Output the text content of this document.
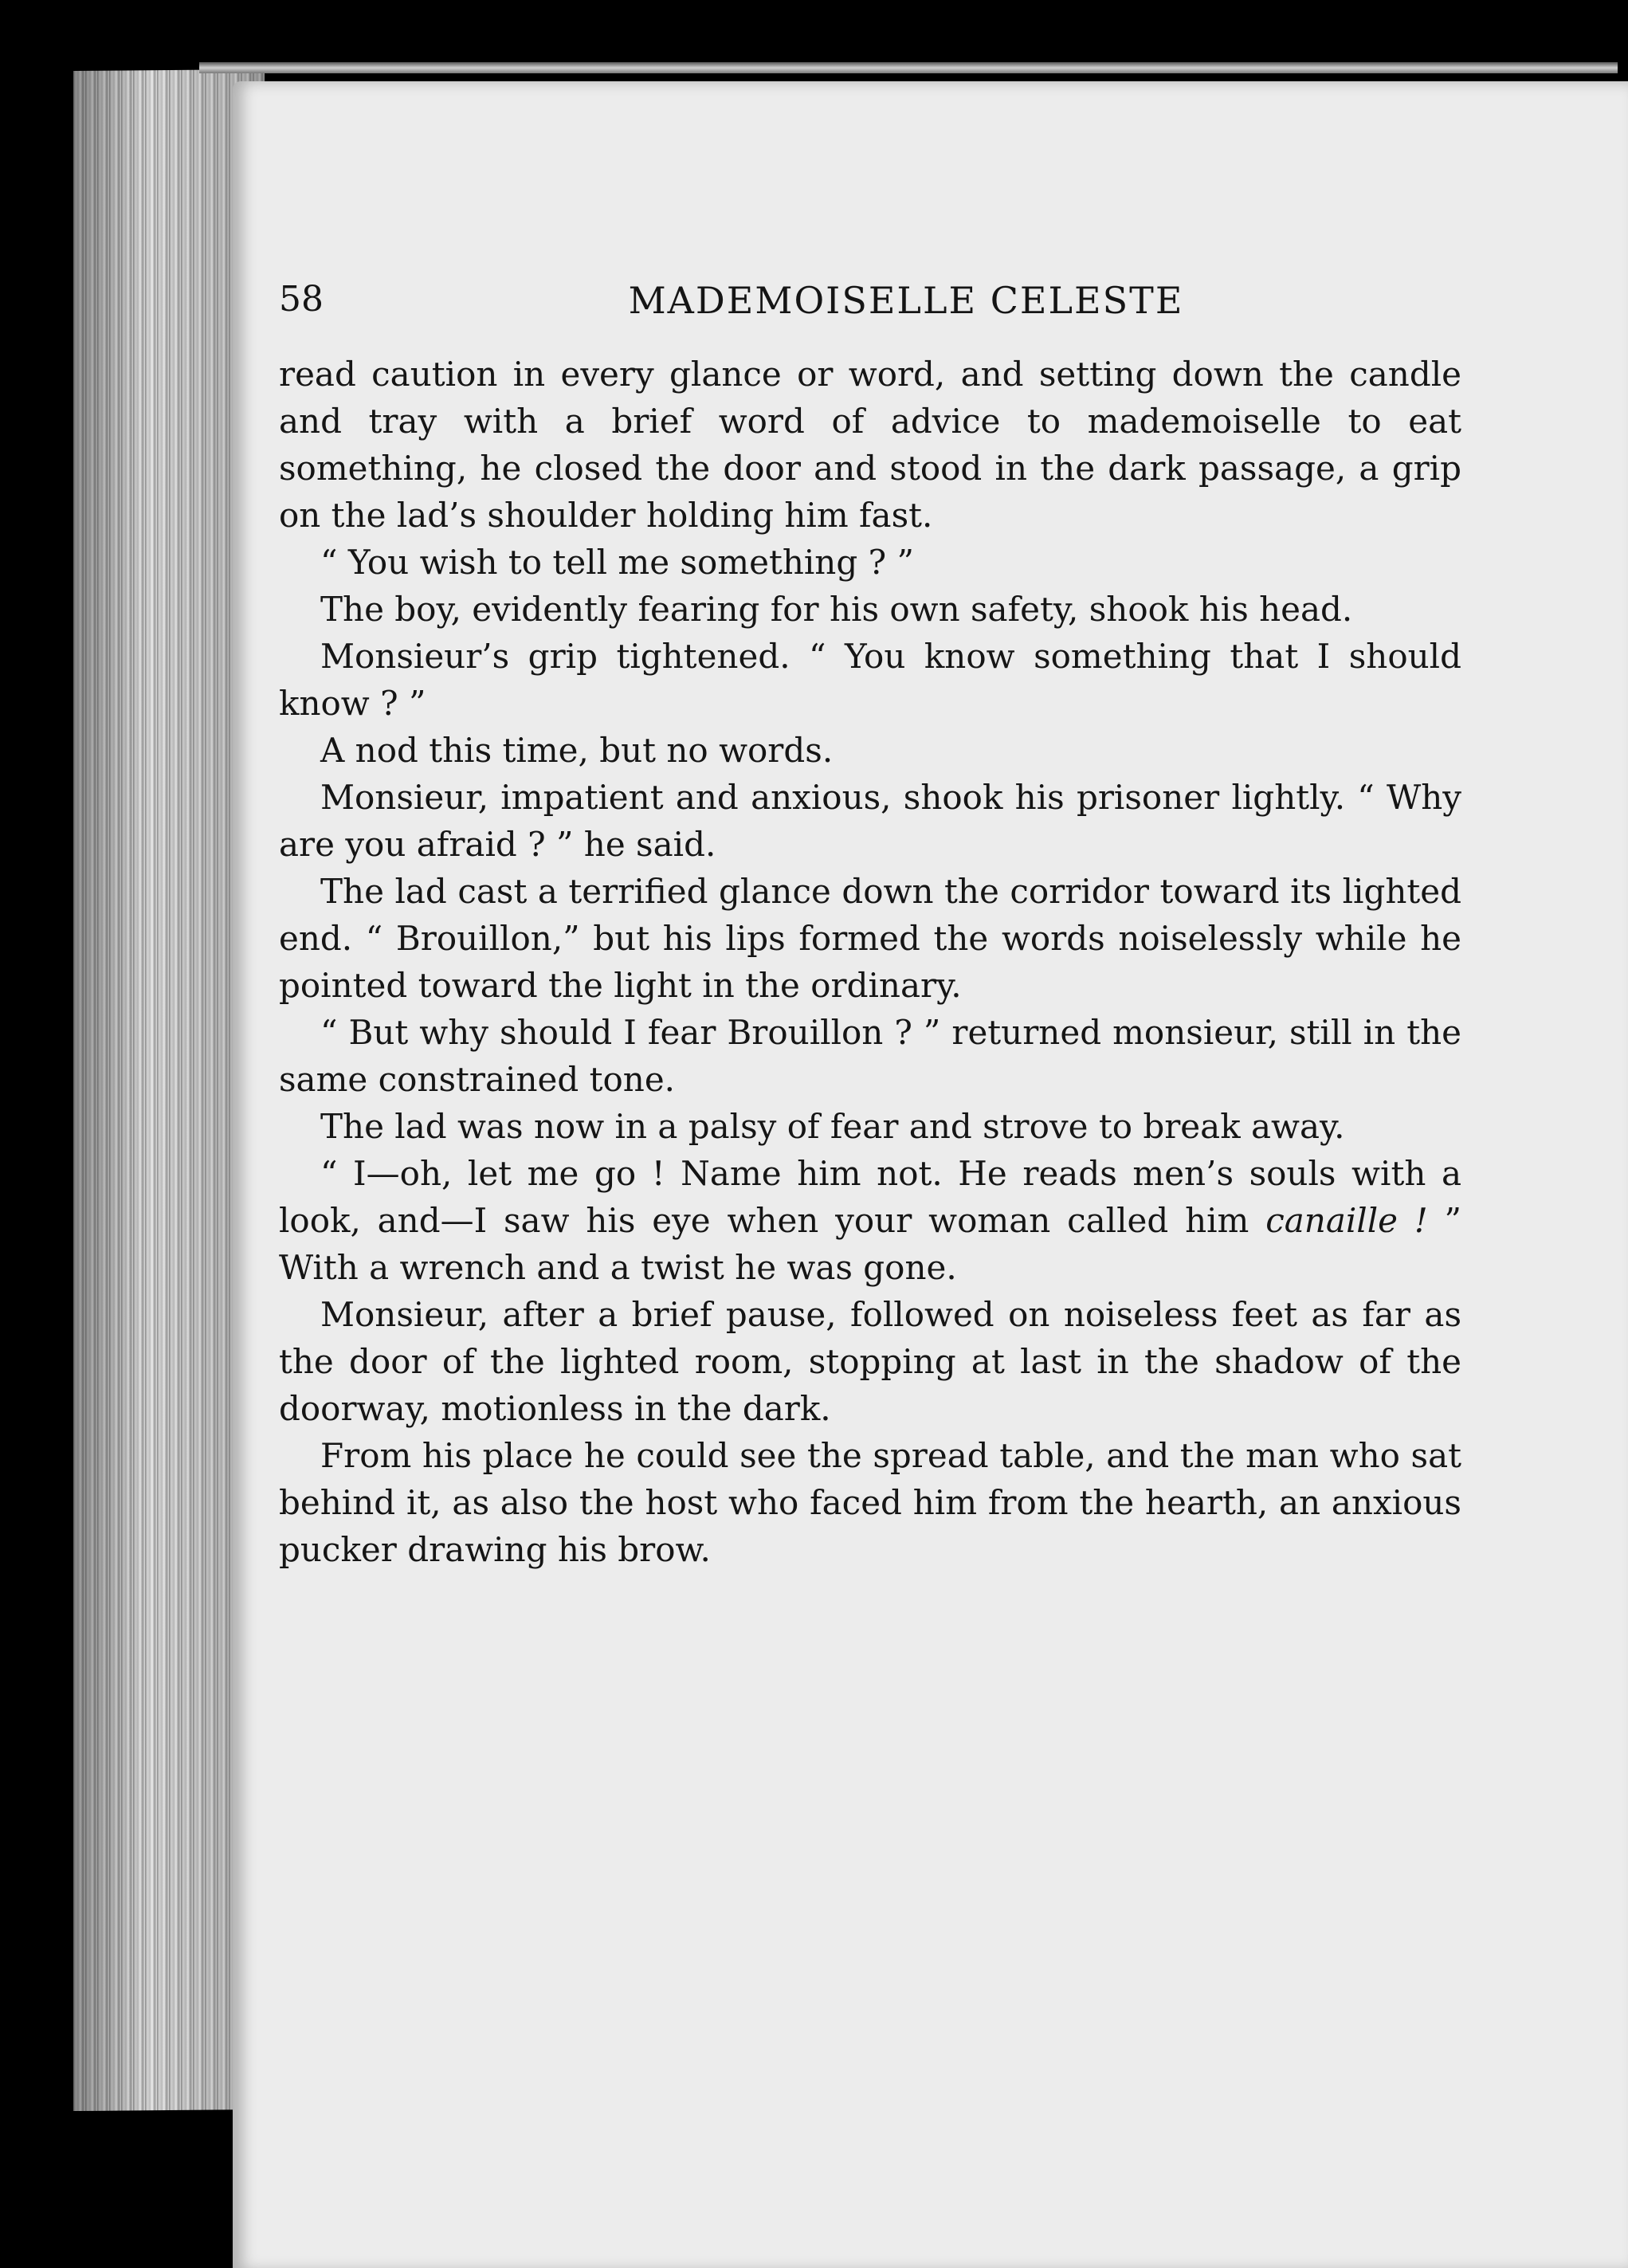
58	MADEMOISELLE CELESTE

read caution in every glance or word, and setting down the candle and tray with a brief word of advice to mademoiselle to eat something, he closed the door and stood in the dark passage, a grip on the lad’s shoulder holding him fast.

“ You wish to tell me something ? ”

The boy, evidently fearing for his own safety, shook his head.

Monsieur’s grip tightened. “ You know something that I should know ? ”

A nod this time, but no words.

Monsieur, impatient and anxious, shook his prisoner lightly. “ Why are you afraid ? ” he said.

The lad cast a terrified glance down the corridor toward its lighted end. “ Brouillon,” but his lips formed the words noiselessly while he pointed toward the light in the ordinary.

“ But why should I fear Brouillon ? ” returned monsieur, still in the same constrained tone.

The lad was now in a palsy of fear and strove to break away.

“ I—oh, let me go ! Name him not. He reads men’s souls with a look, and—I saw his eye when your woman called him canaille ! ” With a wrench and a twist he was gone.

Monsieur, after a brief pause, followed on noiseless feet as far as the door of the lighted room, stopping at last in the shadow of the doorway, motionless in the dark.

From his place he could see the spread table, and the man who sat behind it, as also the host who faced him from the hearth, an anxious pucker drawing his brow.
